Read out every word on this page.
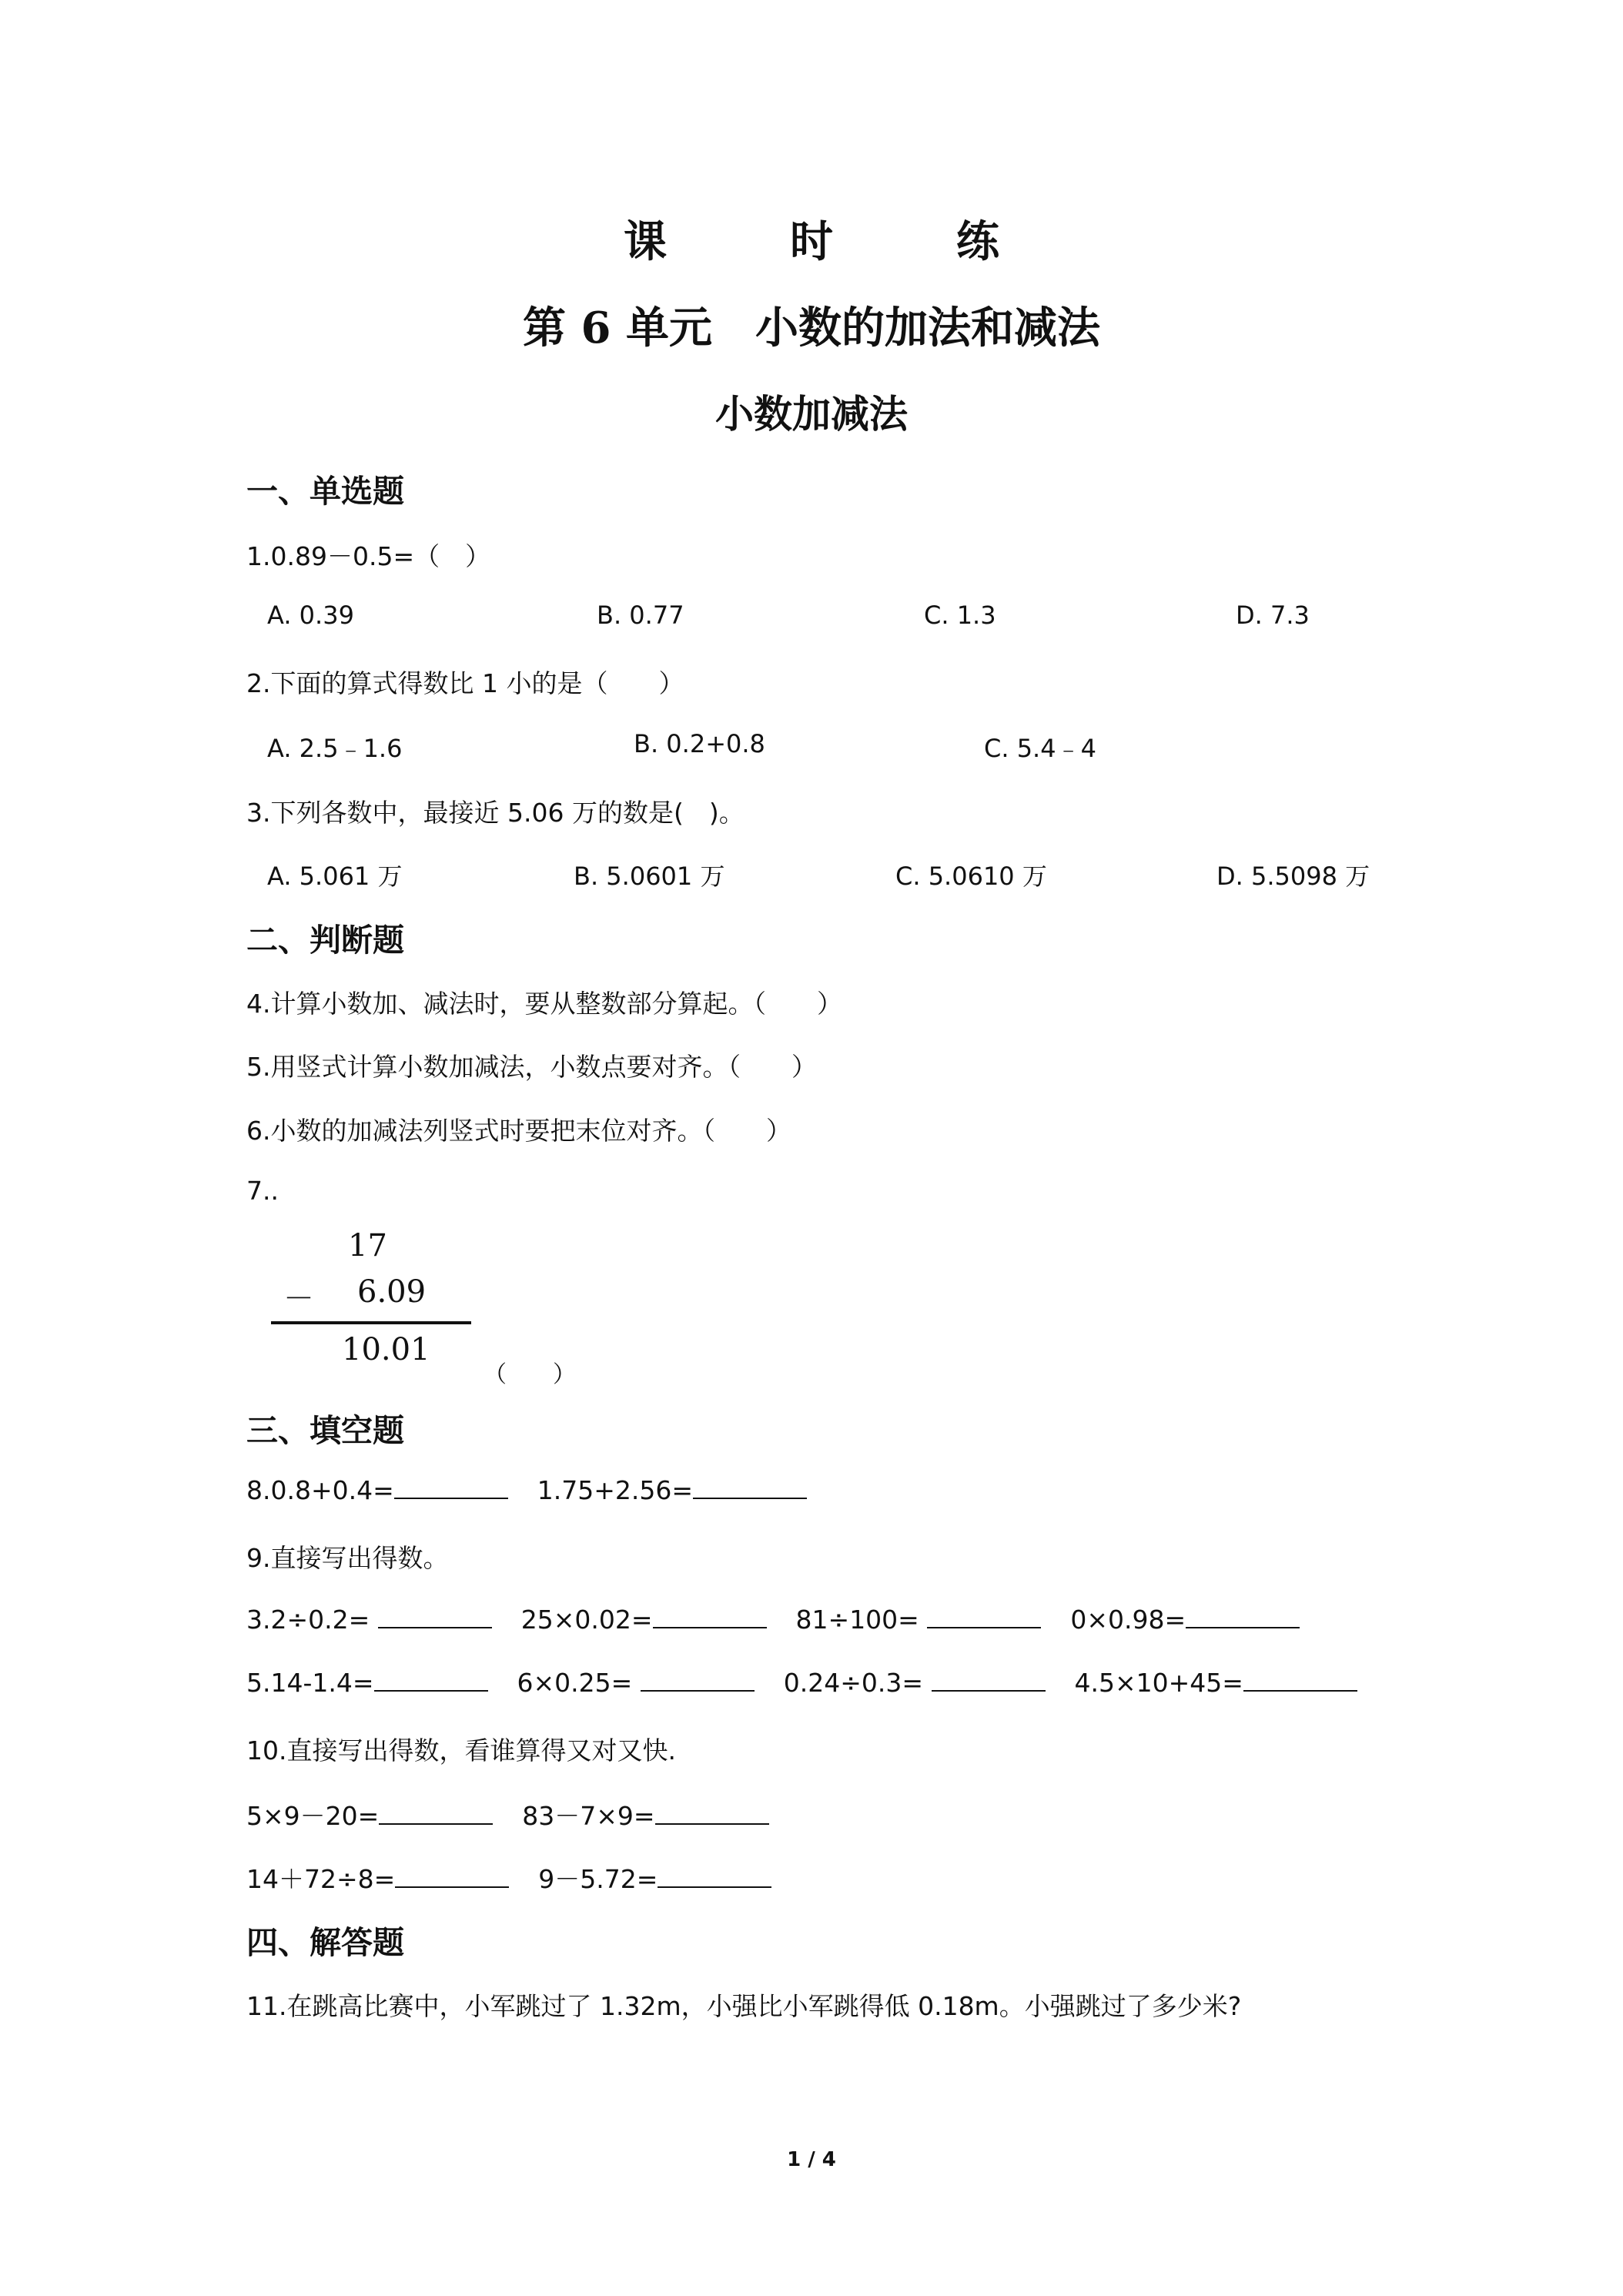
课　时　练
第 6 单元　小数的加法和减法
小数加减法
一、单选题
1.0.89－0.5=（　）
A. 0.39	B. 0.77	C. 1.3	D. 7.3
2.下面的算式得数比 1 小的是（　　）
A. 2.5﹣1.6	B. 0.2+0.8	C. 5.4﹣4
3.下列各数中，最接近 5.06 万的数是(　)。
A. 5.061 万	B. 5.0601 万	C. 5.0610 万	D. 5.5098 万
二、判断题
4.计算小数加、减法时，要从整数部分算起。（　　）
5.用竖式计算小数加减法，小数点要对齐。（　　）
6.小数的加减法列竖式时要把末位对齐。（　　）
7..
17
－ 6.09
10.01
（　　）
三、填空题
8.0.8+0.4=	1.75+2.56=
9.直接写出得数。
3.2÷0.2=	25×0.02=	81÷100=	0×0.98=
5.14-1.4=	6×0.25=	0.24÷0.3=	4.5×10+45=
10.直接写出得数，看谁算得又对又快.
5×9－20=	83－7×9=
14＋72÷8=	9－5.72=
四、解答题
11.在跳高比赛中，小军跳过了 1.32m，小强比小军跳得低 0.18m。小强跳过了多少米?
1 / 4
